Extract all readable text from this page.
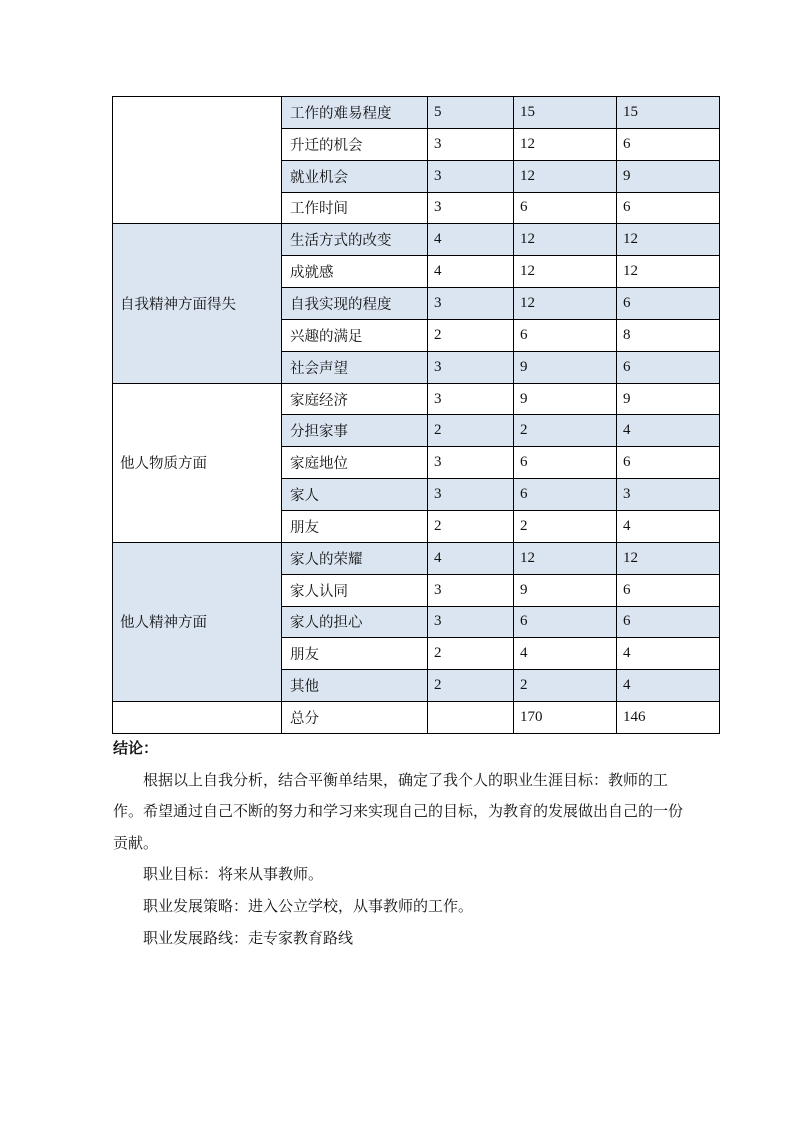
	工作的难易程度	5	15	15
	升迁的机会	3	12	6
	就业机会	3	12	9
	工作时间	3	6	6
自我精神方面得失	生活方式的改变	4	12	12
	成就感	4	12	12
	自我实现的程度	3	12	6
	兴趣的满足	2	6	8
	社会声望	3	9	6
他人物质方面	家庭经济	3	9	9
	分担家事	2	2	4
	家庭地位	3	6	6
	家人	3	6	3
	朋友	2	2	4
他人精神方面	家人的荣耀	4	12	12
	家人认同	3	9	6
	家人的担心	3	6	6
	朋友	2	4	4
	其他	2	2	4
	总分		170	146

结论：

根据以上自我分析，结合平衡单结果，确定了我个人的职业生涯目标：教师的工作。希望通过自己不断的努力和学习来实现自己的目标，为教育的发展做出自己的一份贡献。

职业目标：将来从事教师。

职业发展策略：进入公立学校，从事教师的工作。

职业发展路线：走专家教育路线
